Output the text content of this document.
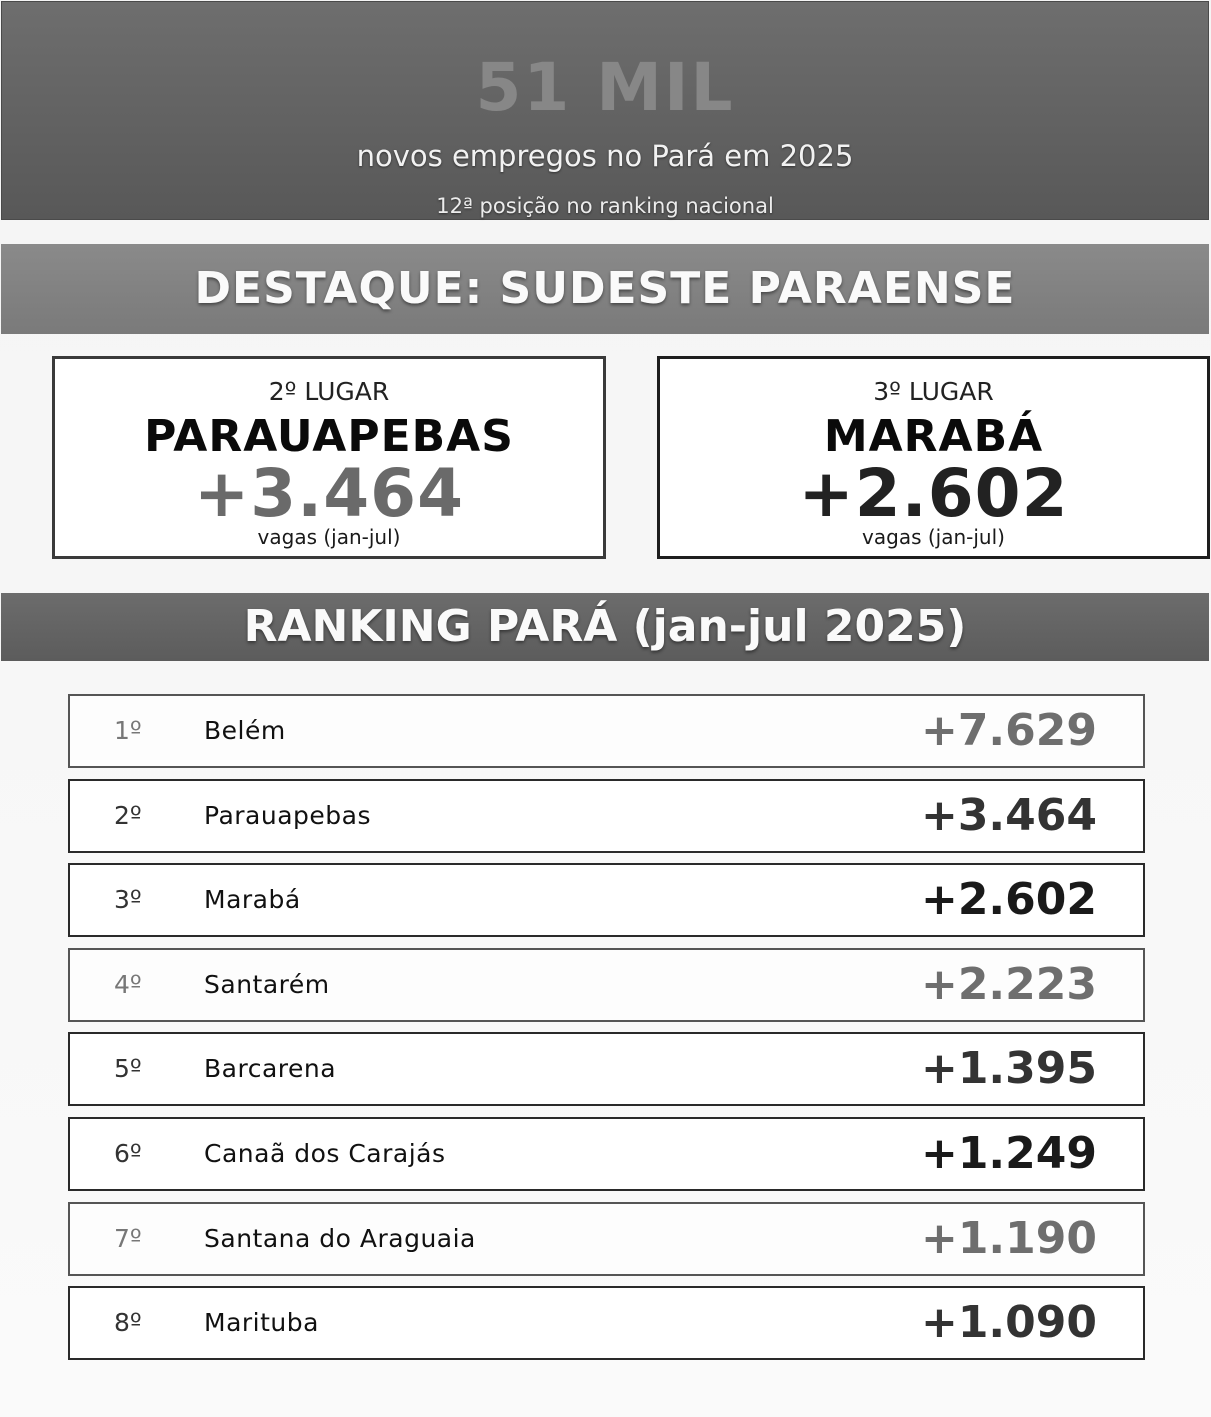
51 MIL
novos empregos no Pará em 2025
12ª posição no ranking nacional
DESTAQUE: SUDESTE PARAENSE
2º LUGAR
PARAUAPEBAS
+3.464
vagas (jan-jul)
3º LUGAR
MARABÁ
+2.602
vagas (jan-jul)
RANKING PARÁ (jan-jul 2025)
1º Belém	+7.629
2º Parauapebas	+3.464
3º Marabá	+2.602
4º Santarém	+2.223
5º Barcarena	+1.395
6º Canaã dos Carajás	+1.249
7º Santana do Araguaia	+1.190
8º Marituba	+1.090
